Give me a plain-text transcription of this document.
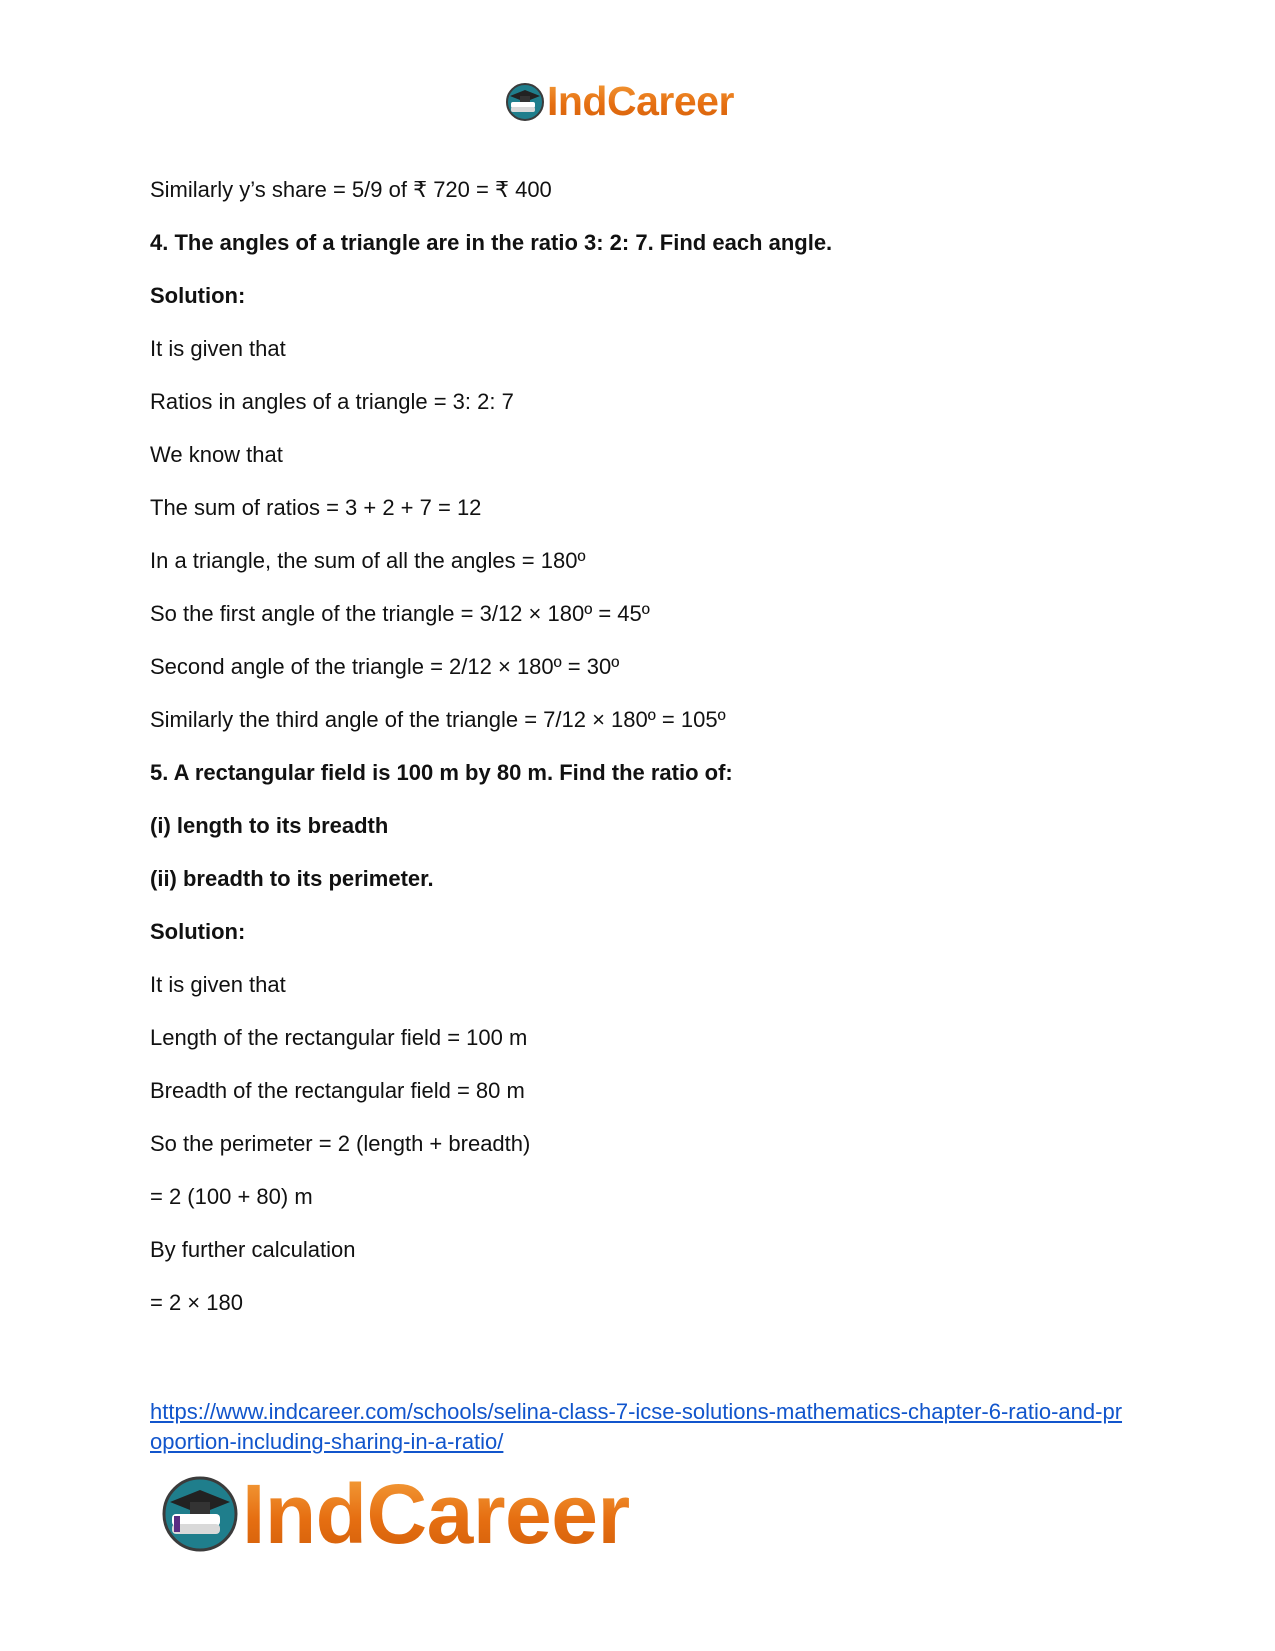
IndCareer
Similarly y’s share = 5/9 of ₹ 720 = ₹ 400
4. The angles of a triangle are in the ratio 3: 2: 7. Find each angle.
Solution:
It is given that
Ratios in angles of a triangle = 3: 2: 7
We know that
The sum of ratios = 3 + 2 + 7 = 12
In a triangle, the sum of all the angles = 180º
So the first angle of the triangle = 3/12 × 180º = 45º
Second angle of the triangle = 2/12 × 180º = 30º
Similarly the third angle of the triangle = 7/12 × 180º = 105º
5. A rectangular field is 100 m by 80 m. Find the ratio of:
(i) length to its breadth
(ii) breadth to its perimeter.
Solution:
It is given that
Length of the rectangular field = 100 m
Breadth of the rectangular field = 80 m
So the perimeter = 2 (length + breadth)
= 2 (100 + 80) m
By further calculation
= 2 × 180
https://www.indcareer.com/schools/selina-class-7-icse-solutions-mathematics-chapter-6-ratio-and-proportion-including-sharing-in-a-ratio/
IndCareer
